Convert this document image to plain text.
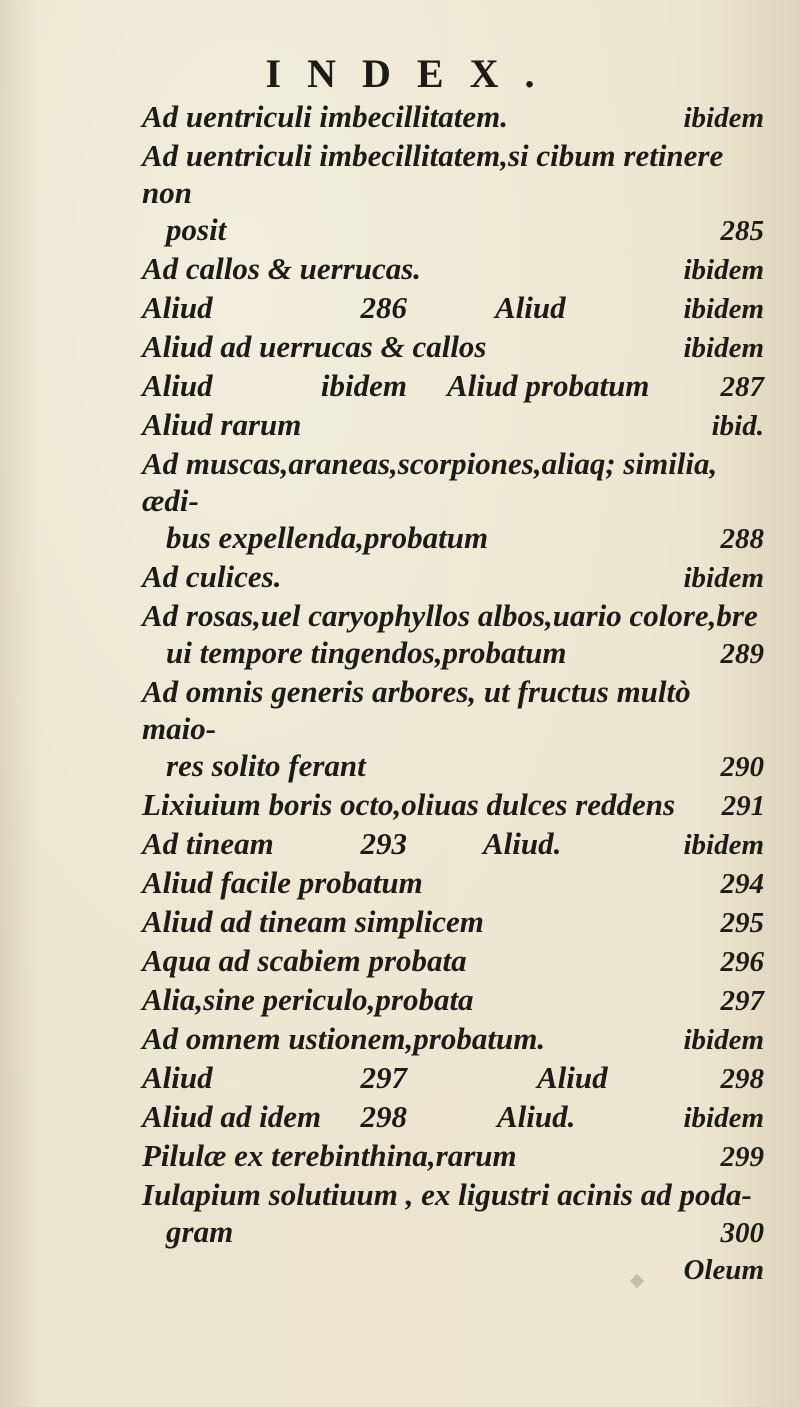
INDEX.
Ad uentriculi imbecillitatem.	ibidem
Ad uentriculi imbecillitatem,si cibum retinere non
posit	285
Ad callos & uerrucas.	ibidem
Aliud	286	Aliud	ibidem
Aliud ad uerrucas & callos	ibidem
Aliud	ibidem	Aliud probatum	287
Aliud rarum	ibid.
Ad muscas,araneas,scorpiones,aliaq; similia, ædi-
bus expellenda,probatum	288
Ad culices.	ibidem
Ad rosas,uel caryophyllos albos,uario colore,bre
ui tempore tingendos,probatum	289
Ad omnis generis arbores, ut fructus multò maio-
res solito ferant	290
Lixiuium boris octo,oliuas dulces reddens	291
Ad tineam	293	Aliud.	ibidem
Aliud facile probatum	294
Aliud ad tineam simplicem	295
Aqua ad scabiem probata	296
Alia,sine periculo,probata	297
Ad omnem ustionem,probatum.	ibidem
Aliud	297	Aliud	298
Aliud ad idem 298	Aliud.	ibidem
Pilulæ ex terebinthina,rarum	299
Iulapium solutiuum , ex ligustri acinis ad poda-
gram	300
Oleum
